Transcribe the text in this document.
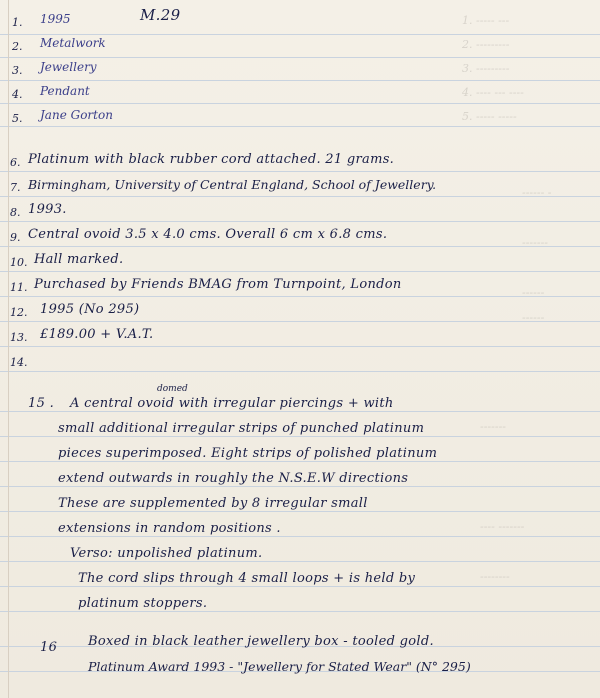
1. ----- ---
2. ---------
3. ---------
4. ---- --- ----
5. ----- -----
------ -
-------
------
------
-------
---- -------
--------
M.29
1. 1995
2. Metalwork
3. Jewellery
4. Pendant
5. Jane Gorton
6. Platinum with black rubber cord attached. 21 grams.
7. Birmingham, University of Central England, School of Jewellery.
8. 1993.
9. Central ovoid 3.5 x 4.0 cms. Overall 6 cm x 6.8 cms.
10. Hall marked.
11. Purchased by Friends BMAG from Turnpoint, London
12. 1995 (No 295)
13. £189.00 + V.A.T.
14.
domed
15 . A central ovoid with irregular piercings + with
small additional irregular strips of punched platinum
pieces superimposed. Eight strips of polished platinum
extend outwards in roughly the N.S.E.W directions
These are supplemented by 8 irregular small
extensions in random positions .
Verso: unpolished platinum.
The cord slips through 4 small loops + is held by
platinum stoppers.
16 Boxed in black leather jewellery box - tooled gold.
Platinum Award 1993 - "Jewellery for Stated Wear" (N° 295)
